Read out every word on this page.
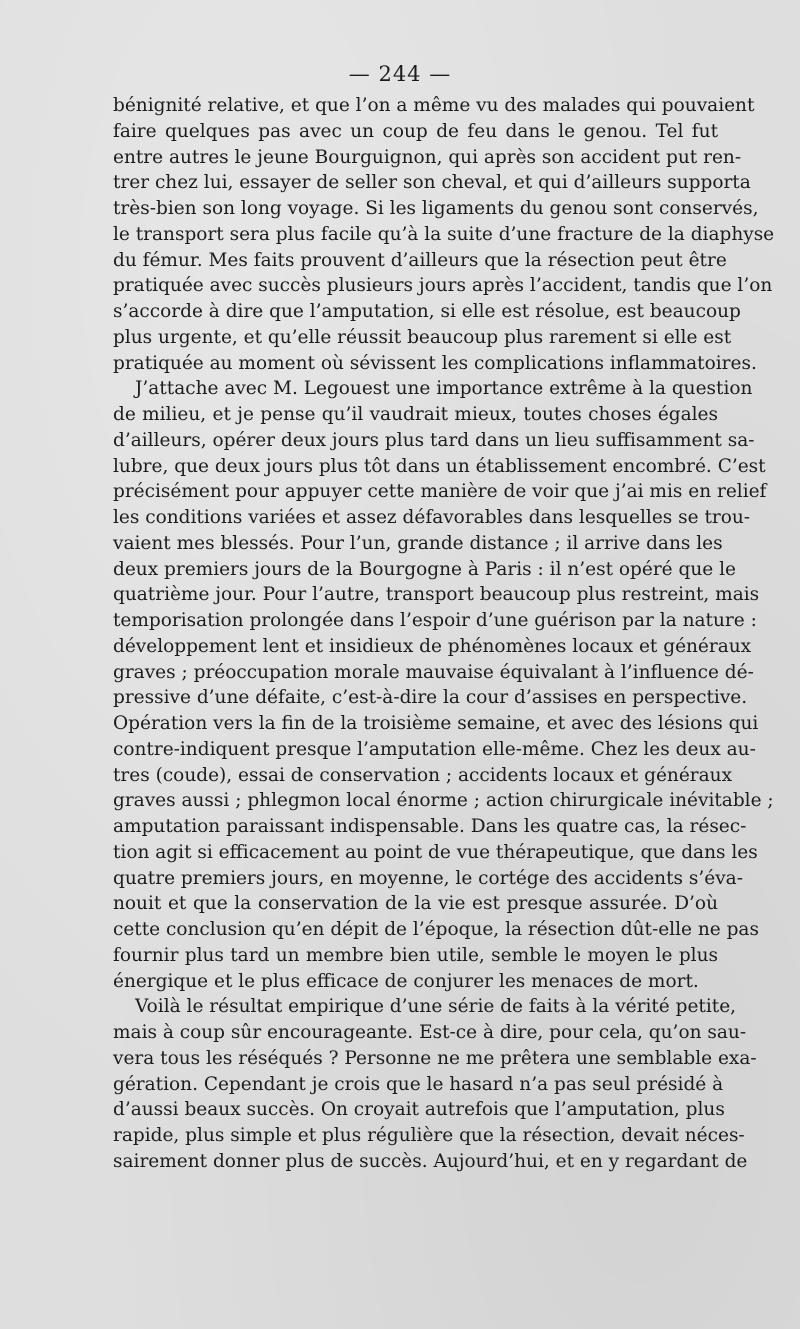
— 244 —
bénignité relative, et que l’on a même vu des malades qui pouvaient
faire quelques pas avec un coup de feu dans le genou. Tel fut
entre autres le jeune Bourguignon, qui après son accident put ren-
trer chez lui, essayer de seller son cheval, et qui d’ailleurs supporta
très-bien son long voyage. Si les ligaments du genou sont conservés,
le transport sera plus facile qu’à la suite d’une fracture de la diaphyse
du fémur. Mes faits prouvent d’ailleurs que la résection peut être
pratiquée avec succès plusieurs jours après l’accident, tandis que l’on
s’accorde à dire que l’amputation, si elle est résolue, est beaucoup
plus urgente, et qu’elle réussit beaucoup plus rarement si elle est
pratiquée au moment où sévissent les complications inflammatoires.
J’attache avec M. Legouest une importance extrême à la question
de milieu, et je pense qu’il vaudrait mieux, toutes choses égales
d’ailleurs, opérer deux jours plus tard dans un lieu suffisamment sa-
lubre, que deux jours plus tôt dans un établissement encombré. C’est
précisément pour appuyer cette manière de voir que j’ai mis en relief
les conditions variées et assez défavorables dans lesquelles se trou-
vaient mes blessés. Pour l’un, grande distance ; il arrive dans les
deux premiers jours de la Bourgogne à Paris : il n’est opéré que le
quatrième jour. Pour l’autre, transport beaucoup plus restreint, mais
temporisation prolongée dans l’espoir d’une guérison par la nature :
développement lent et insidieux de phénomènes locaux et généraux
graves ; préoccupation morale mauvaise équivalant à l’influence dé-
pressive d’une défaite, c’est-à-dire la cour d’assises en perspective.
Opération vers la fin de la troisième semaine, et avec des lésions qui
contre-indiquent presque l’amputation elle-même. Chez les deux au-
tres (coude), essai de conservation ; accidents locaux et généraux
graves aussi ; phlegmon local énorme ; action chirurgicale inévitable ;
amputation paraissant indispensable. Dans les quatre cas, la résec-
tion agit si efficacement au point de vue thérapeutique, que dans les
quatre premiers jours, en moyenne, le cortége des accidents s’éva-
nouit et que la conservation de la vie est presque assurée. D’où
cette conclusion qu’en dépit de l’époque, la résection dût-elle ne pas
fournir plus tard un membre bien utile, semble le moyen le plus
énergique et le plus efficace de conjurer les menaces de mort.
Voilà le résultat empirique d’une série de faits à la vérité petite,
mais à coup sûr encourageante. Est-ce à dire, pour cela, qu’on sau-
vera tous les réséqués ? Personne ne me prêtera une semblable exa-
gération. Cependant je crois que le hasard n’a pas seul présidé à
d’aussi beaux succès. On croyait autrefois que l’amputation, plus
rapide, plus simple et plus régulière que la résection, devait néces-
sairement donner plus de succès. Aujourd’hui, et en y regardant de
